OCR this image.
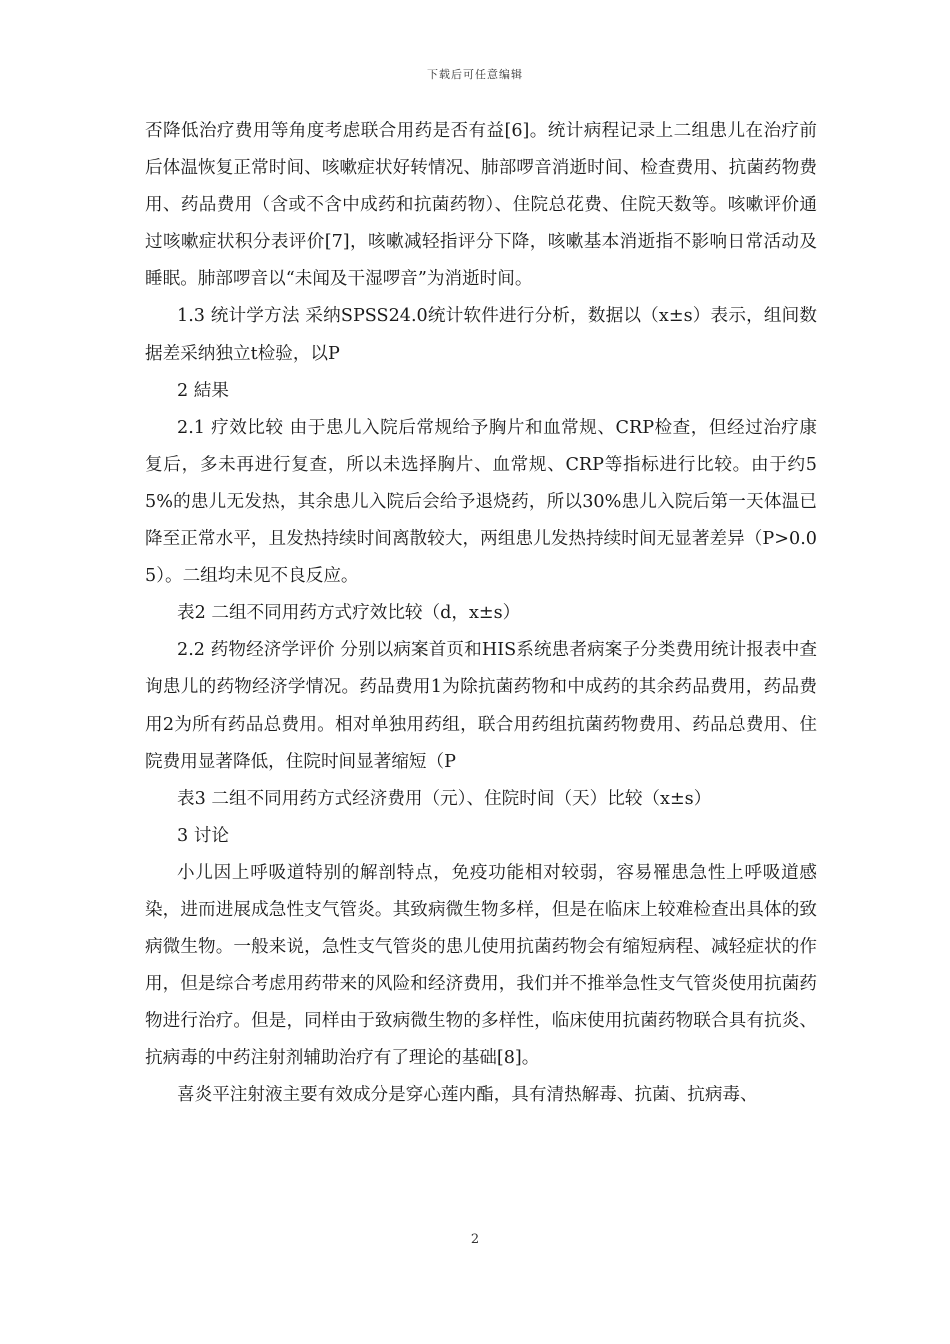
下载后可任意编辑

否降低治疗费用等角度考虑联合用药是否有益[6]。统计病程记录上二组患儿在治疗前后体温恢复正常时间、咳嗽症状好转情况、肺部啰音消逝时间、检查费用、抗菌药物费用、药品费用（含或不含中成药和抗菌药物）、住院总花费、住院天数等。咳嗽评价通过咳嗽症状积分表评价[7]，咳嗽减轻指评分下降，咳嗽基本消逝指不影响日常活动及睡眠。肺部啰音以“未闻及干湿啰音”为消逝时间。

1.3 统计学方法 采纳SPSS24.0统计软件进行分析，数据以（x±s）表示，组间数据差采纳独立t检验，以P

2 結果

2.1 疗效比较 由于患儿入院后常规给予胸片和血常规、CRP检查，但经过治疗康复后，多未再进行复查，所以未选择胸片、血常规、CRP等指标进行比较。由于约55%的患儿无发热，其余患儿入院后会给予退烧药，所以30%患儿入院后第一天体温已降至正常水平，且发热持续时间离散较大，两组患儿发热持续时间无显著差异（P>0.05）。二组均未见不良反应。

表2 二组不同用药方式疗效比较（d，x±s）

2.2 药物经济学评价 分别以病案首页和HIS系统患者病案子分类费用统计报表中查询患儿的药物经济学情况。药品费用1为除抗菌药物和中成药的其余药品费用，药品费用2为所有药品总费用。相对单独用药组，联合用药组抗菌药物费用、药品总费用、住院费用显著降低，住院时间显著缩短（P

表3 二组不同用药方式经济费用（元）、住院时间（天）比较（x±s）

3 讨论

小儿因上呼吸道特别的解剖特点，免疫功能相对较弱，容易罹患急性上呼吸道感染，进而进展成急性支气管炎。其致病微生物多样，但是在临床上较难检查出具体的致病微生物。一般来说，急性支气管炎的患儿使用抗菌药物会有缩短病程、减轻症状的作用，但是综合考虑用药带来的风险和经济费用，我们并不推举急性支气管炎使用抗菌药物进行治疗。但是，同样由于致病微生物的多样性，临床使用抗菌药物联合具有抗炎、抗病毒的中药注射剂辅助治疗有了理论的基础[8]。

喜炎平注射液主要有效成分是穿心莲内酯，具有清热解毒、抗菌、抗病毒、

2
